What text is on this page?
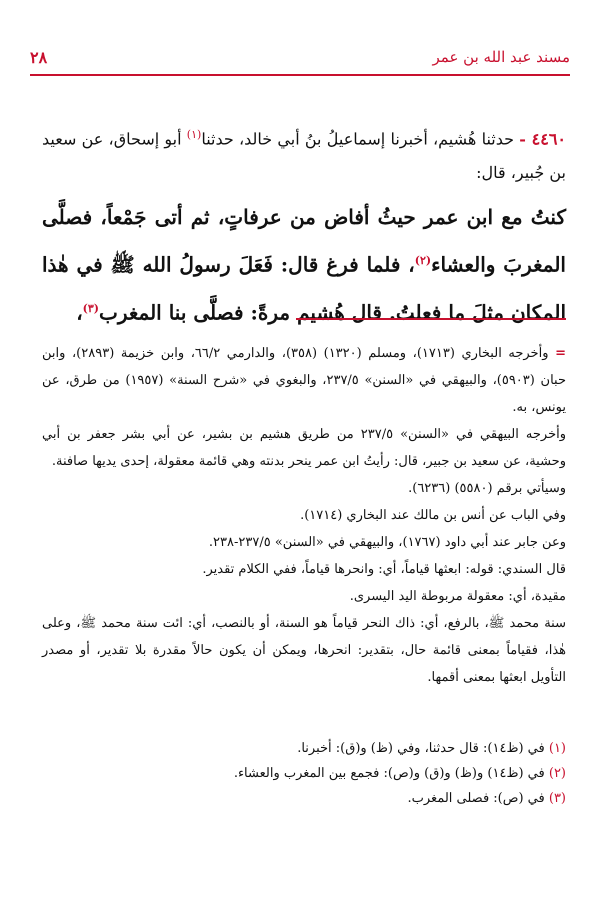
٢٨	مسند عبد الله بن عمر
٤٤٦٠ - حدثنا هُشيم، أخبرنا إسماعيلُ بنُ أبي خالد، حدثنا$^{(١)}$ أبو إسحاق، عن سعيد بن جُبير، قال:
كنتُ مع ابن عمر حيثُ أفاض من عرفاتٍ، ثم أتى جَمْعاً، فصلَّى المغربَ والعشاء$^{(٢)}$، فلما فرغ قال: فَعَلَ رسولُ الله ﷺ في هٰذا المكان مثلَ ما فعلتُ. قال هُشيم مرةً: فصلَّى بنا المغرب$^{(٣)}$،

= وأخرجه البخاري (١٧١٣)، ومسلم (١٣٢٠) (٣٥٨)، والدارمي ٦٦/٢، وابن خزيمة (٢٨٩٣)، وابن حبان (٥٩٠٣)، والبيهقي في «السنن» ٢٣٧/٥، والبغوي في «شرح السنة» (١٩٥٧) من طرق، عن يونس، به.

وأخرجه البيهقي في «السنن» ٢٣٧/٥ من طريق هشيم بن بشير، عن أبي بشر جعفر بن أبي وحشية، عن سعيد بن جبير، قال: رأيتُ ابن عمر ينحر بدنته وهي قائمة معقولة، إحدى يديها صافنة.

وسيأتي برقم (٥٥٨٠) (٦٢٣٦).

وفي الباب عن أنس بن مالك عند البخاري (١٧١٤).

وعن جابر عند أبي داود (١٧٦٧)، والبيهقي في «السنن» ٢٣٧/٥-٢٣٨.

قال السندي: قوله: ابعثها قياماً، أي: وانحرها قياماً، ففي الكلام تقدير.

مقيدة، أي: معقولة مربوطة اليد اليسرى.

سنة محمد ﷺ، بالرفع، أي: ذاك النحر قياماً هو السنة، أو بالنصب، أي: ائت سنة محمد ﷺ، وعلى هٰذا، فقياماً بمعنى قائمة حال، بتقدير: انحرها، ويمكن أن يكون حالاً مقدرة بلا تقدير، أو مصدر التأويل ابعثها بمعنى أقمها.

(١) في (ظ١٤): قال حدثنا، وفي (ظ) و(ق): أخبرنا.
(٢) في (ظ١٤) و(ظ) و(ق) و(ص): فجمع بين المغرب والعشاء.
(٣) في (ص): فصلى المغرب.
